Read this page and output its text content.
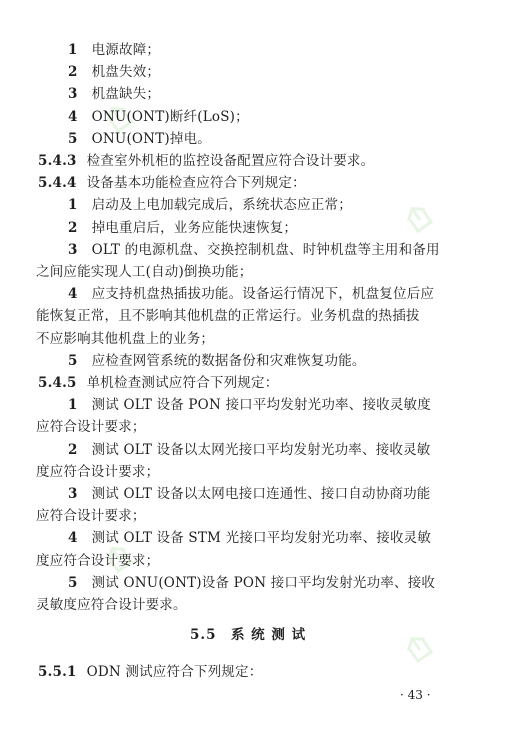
1 电源故障；
2 机盘失效；
3 机盘缺失；
4 ONU(ONT)断纤(LoS)；
5 ONU(ONT)掉电。
5.4.3 检查室外机柜的监控设备配置应符合设计要求。
5.4.4 设备基本功能检查应符合下列规定：
1 启动及上电加载完成后，系统状态应正常；
2 掉电重启后，业务应能快速恢复；
3 OLT 的电源机盘、交换控制机盘、时钟机盘等主用和备用
之间应能实现人工(自动)倒换功能；
4 应支持机盘热插拔功能。设备运行情况下，机盘复位后应
能恢复正常，且不影响其他机盘的正常运行。业务机盘的热插拔
不应影响其他机盘上的业务；
5 应检查网管系统的数据备份和灾难恢复功能。
5.4.5 单机检查测试应符合下列规定：
1 测试 OLT 设备 PON 接口平均发射光功率、接收灵敏度
应符合设计要求；
2 测试 OLT 设备以太网光接口平均发射光功率、接收灵敏
度应符合设计要求；
3 测试 OLT 设备以太网电接口连通性、接口自动协商功能
应符合设计要求；
4 测试 OLT 设备 STM 光接口平均发射光功率、接收灵敏
度应符合设计要求；
5 测试 ONU(ONT)设备 PON 接口平均发射光功率、接收
灵敏度应符合设计要求。
5.5　系 统 测 试
5.5.1 ODN 测试应符合下列规定：
· 43 ·
